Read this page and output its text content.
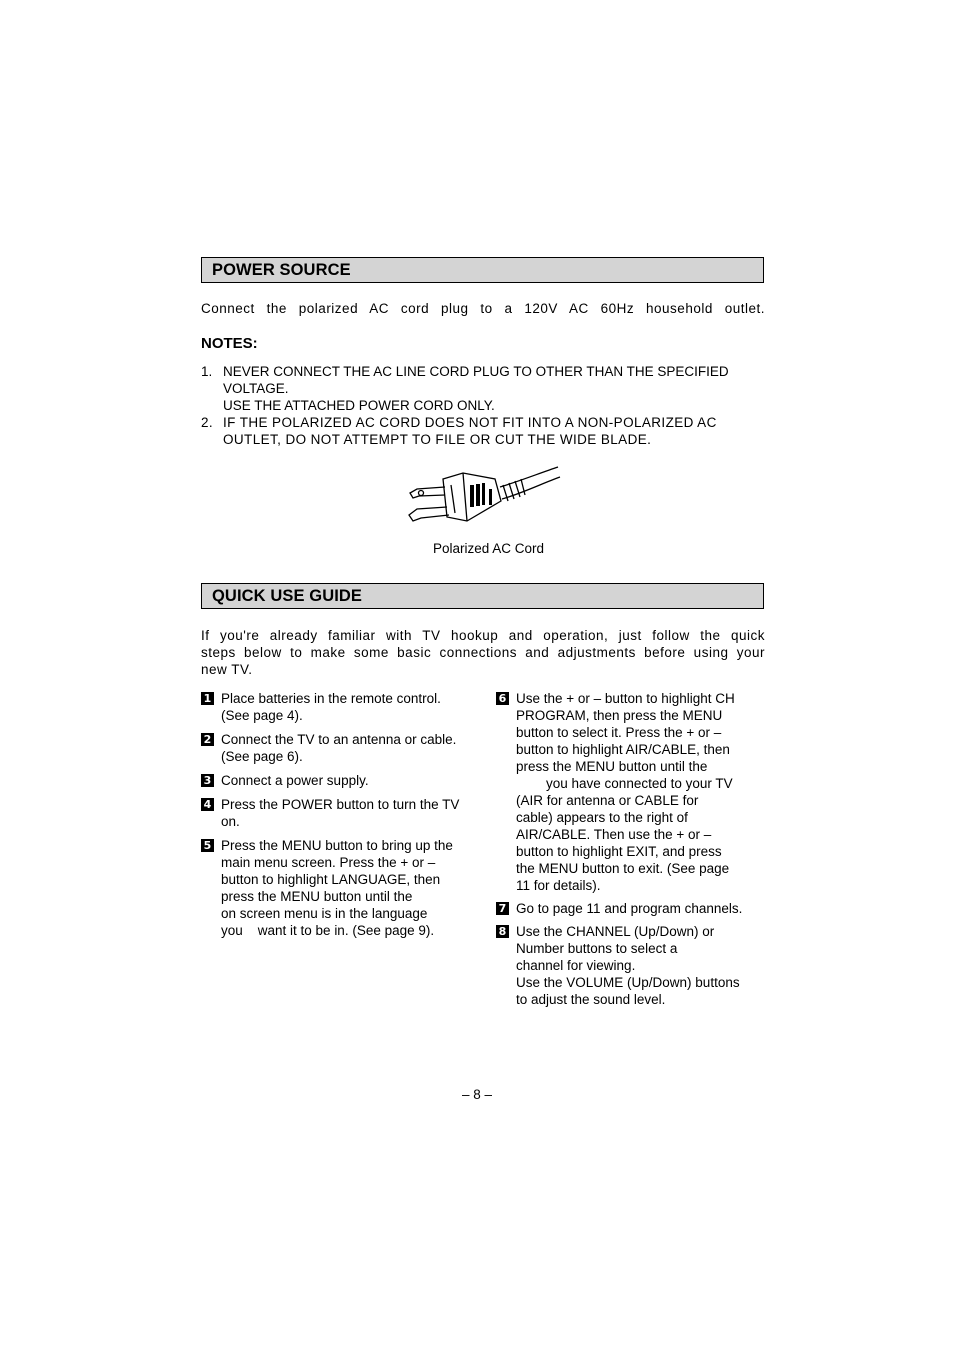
POWER SOURCE
Connect the polarized AC cord plug to a 120V AC 60Hz household outlet.
NOTES:
1. NEVER CONNECT THE AC LINE CORD PLUG TO OTHER THAN THE SPECIFIED
VOLTAGE.
USE THE ATTACHED POWER CORD ONLY.
2. IF THE POLARIZED AC CORD DOES NOT FIT INTO A NON-POLARIZED AC
OUTLET, DO NOT ATTEMPT TO FILE OR CUT THE WIDE BLADE.
Polarized AC Cord
QUICK USE GUIDE
If you're already familiar with TV hookup and operation, just follow the quick
steps below to make some basic connections and adjustments before using your
new TV.
1 Place batteries in the remote control.
(See page 4).
2 Connect the TV to an antenna or cable.
(See page 6).
3 Connect a power supply.
4 Press the POWER button to turn the TV
on.
5 Press the MENU button to bring up the
main menu screen. Press the + or –
button to highlight LANGUAGE, then
press the MENU button until the
on screen menu is in the language
you    want it to be in. (See page 9).
6 Use the + or – button to highlight CH
PROGRAM, then press the MENU
button to select it. Press the + or –
button to highlight AIR/CABLE, then
press the MENU button until the
you have connected to your TV
(AIR for antenna or CABLE for
cable) appears to the right of
AIR/CABLE. Then use the + or –
button to highlight EXIT, and press
the MENU button to exit. (See page
11 for details).
7 Go to page 11 and program channels.
8 Use the CHANNEL (Up/Down) or
Number buttons to select a
channel for viewing.
Use the VOLUME (Up/Down) buttons
to adjust the sound level.
– 8 –
